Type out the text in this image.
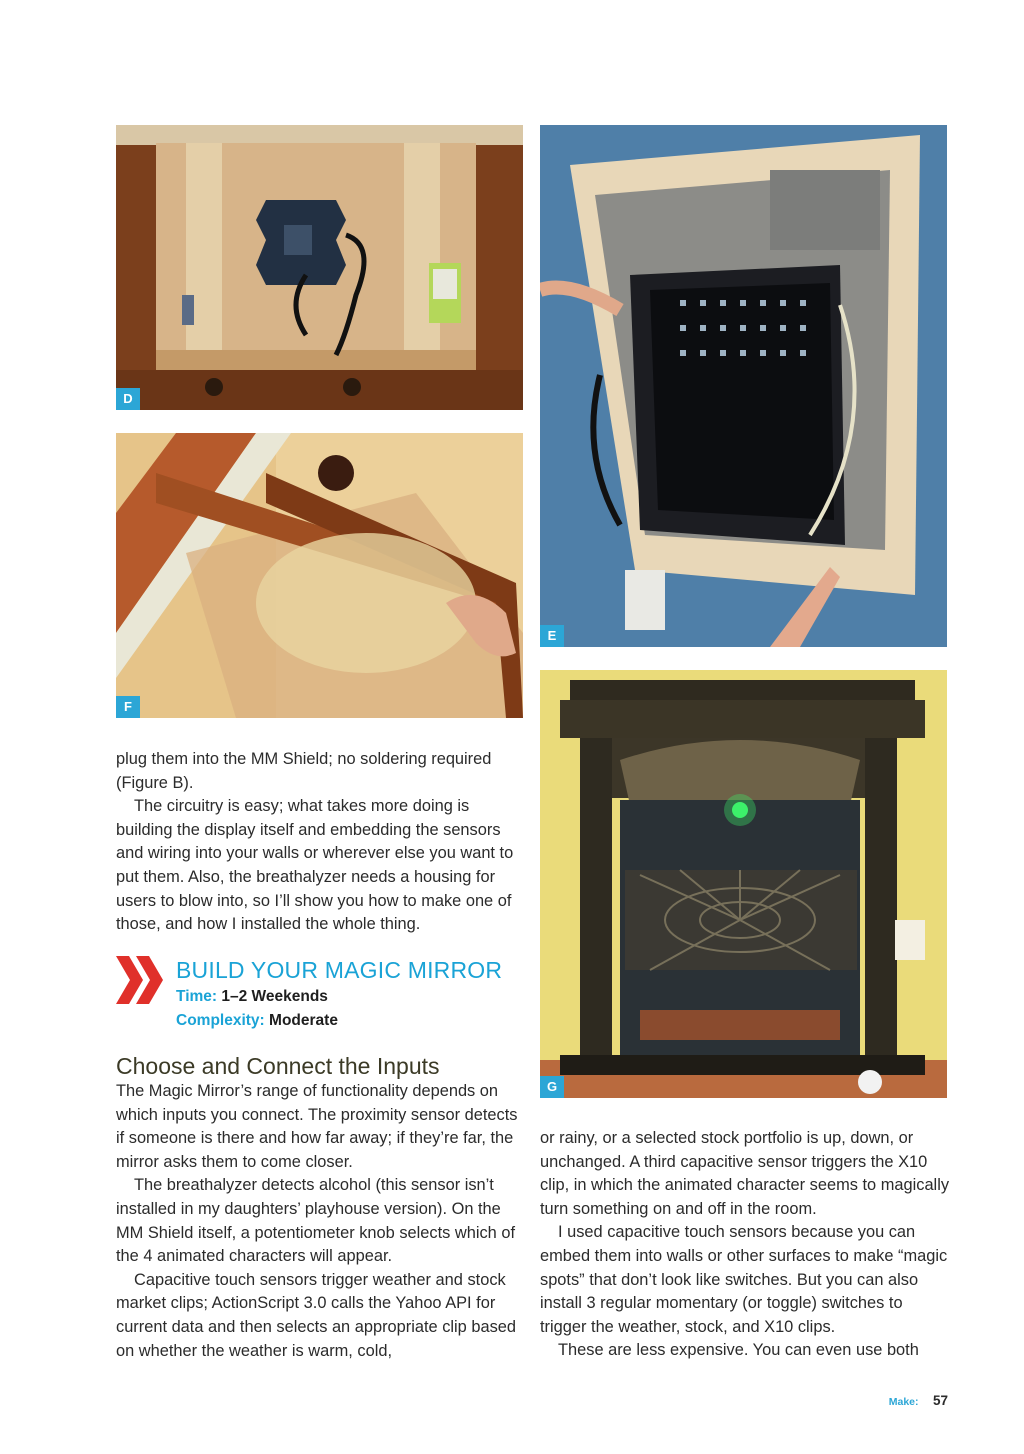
D
E
F
G

plug them into the MM Shield; no soldering required (Figure B).

The circuitry is easy; what takes more doing is building the display itself and embedding the sensors and wiring into your walls or wherever else you want to put them. Also, the breathalyzer needs a housing for users to blow into, so I’ll show you how to make one of those, and how I installed the whole thing.

BUILD YOUR MAGIC MIRROR
Time: 1–2 Weekends
Complexity: Moderate
Choose and Connect the Inputs

The Magic Mirror’s range of functionality depends on which inputs you connect. The proximity sensor detects if someone is there and how far away; if they’re far, the mirror asks them to come closer.

The breathalyzer detects alcohol (this sensor isn’t installed in my daughters’ playhouse version). On the MM Shield itself, a potentiometer knob selects which of the 4 animated characters will appear.

Capacitive touch sensors trigger weather and stock market clips; ActionScript 3.0 calls the Yahoo API for current data and then selects an appropriate clip based on whether the weather is warm, cold,

or rainy, or a selected stock portfolio is up, down, or unchanged. A third capacitive sensor triggers the X10 clip, in which the animated character seems to magically turn something on and off in the room.

I used capacitive touch sensors because you can embed them into walls or other surfaces to make “magic spots” that don’t look like switches. But you can also install 3 regular momentary (or toggle) switches to trigger the weather, stock, and X10 clips.

These are less expensive. You can even use both

Make: 57
